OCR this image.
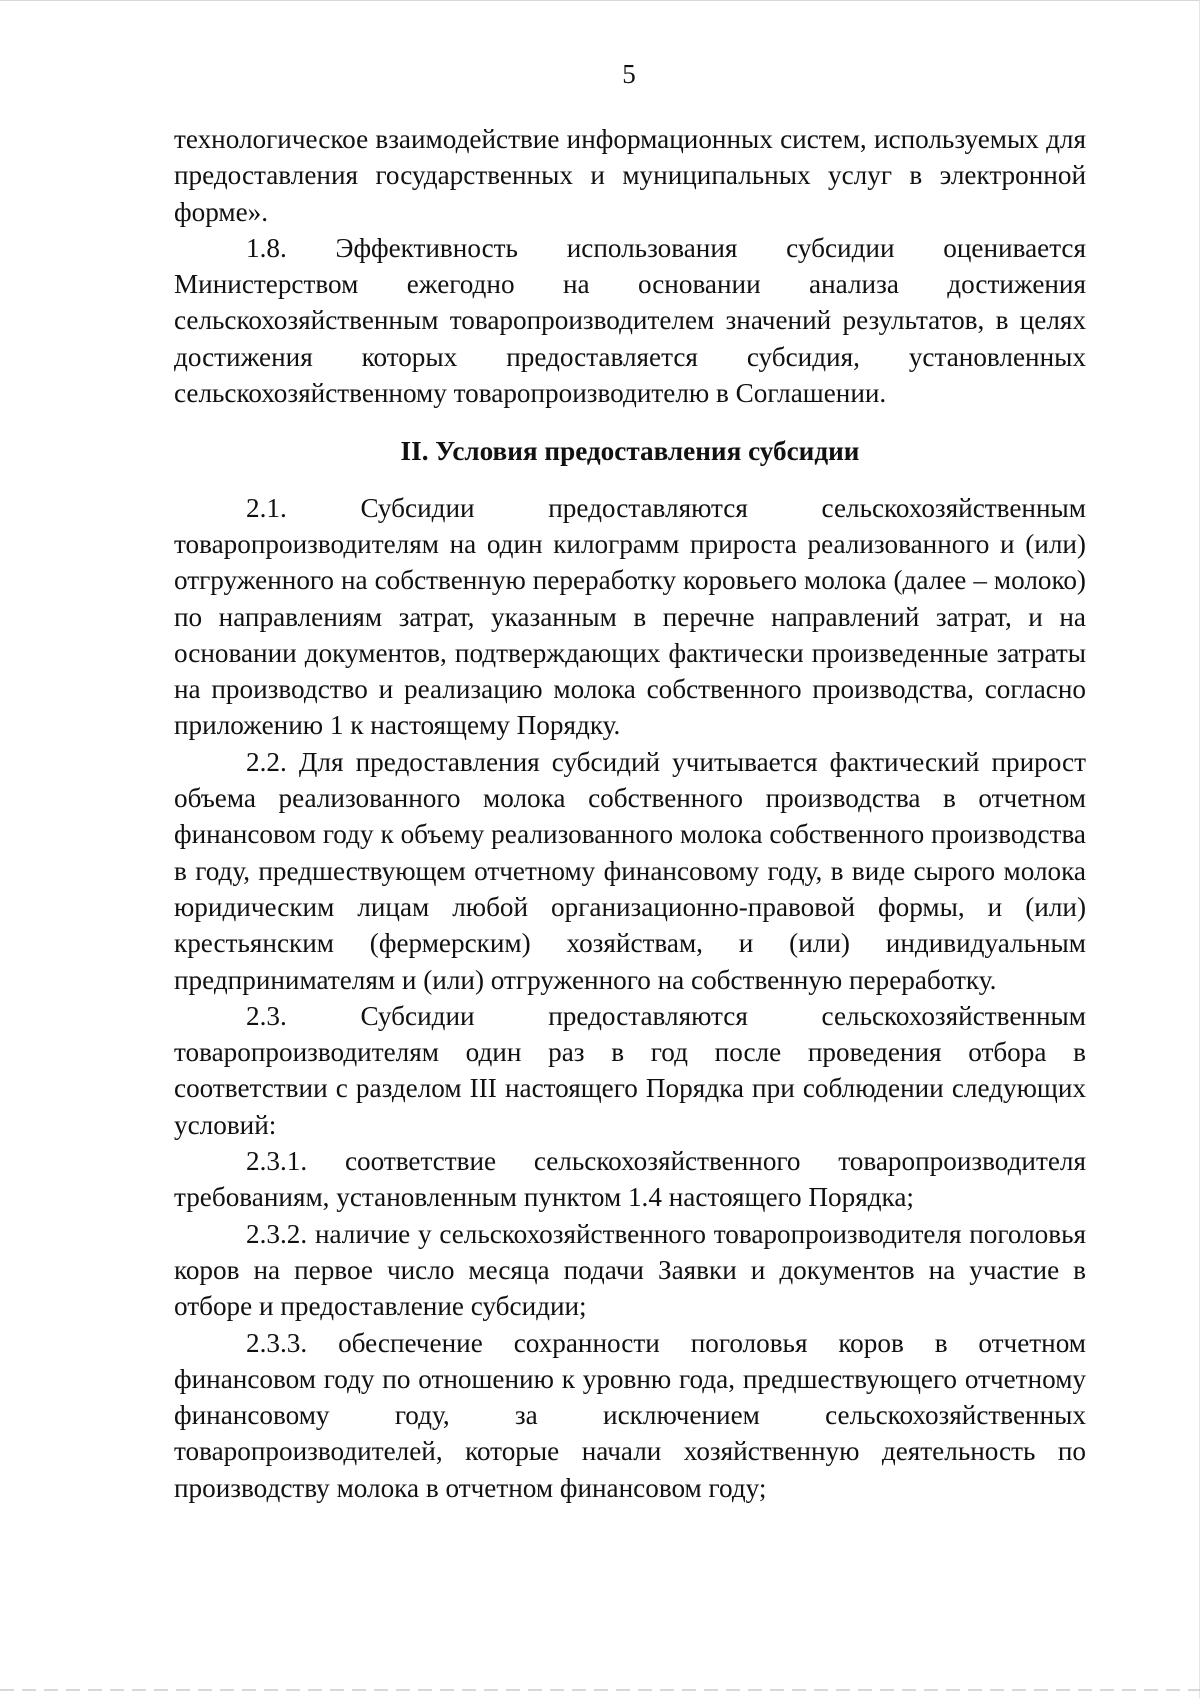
5

технологическое взаимодействие информационных систем, используемых для предоставления государственных и муниципальных услуг в электронной форме».

1.8. Эффективность использования субсидии оценивается Министерством ежегодно на основании анализа достижения сельскохозяйственным товаропроизводителем значений результатов, в целях достижения которых предоставляется субсидия, установленных сельскохозяйственному товаропроизводителю в Соглашении.

II. Условия предоставления субсидии

2.1. Субсидии предоставляются сельскохозяйственным товаропроизводителям на один килограмм прироста реализованного и (или) отгруженного на собственную переработку коровьего молока (далее – молоко) по направлениям затрат, указанным в перечне направлений затрат, и на основании документов, подтверждающих фактически произведенные затраты на производство и реализацию молока собственного производства, согласно приложению 1 к настоящему Порядку.

2.2. Для предоставления субсидий учитывается фактический прирост объема реализованного молока собственного производства в отчетном финансовом году к объему реализованного молока собственного производства в году, предшествующем отчетному финансовому году, в виде сырого молока юридическим лицам любой организационно-правовой формы, и (или) крестьянским (фермерским) хозяйствам, и (или) индивидуальным предпринимателям и (или) отгруженного на собственную переработку.

2.3. Субсидии предоставляются сельскохозяйственным товаропроизводителям один раз в год после проведения отбора в соответствии с разделом III настоящего Порядка при соблюдении следующих условий:

2.3.1. соответствие сельскохозяйственного товаропроизводителя требованиям, установленным пунктом 1.4 настоящего Порядка;

2.3.2. наличие у сельскохозяйственного товаропроизводителя поголовья коров на первое число месяца подачи Заявки и документов на участие в отборе и предоставление субсидии;

2.3.3. обеспечение сохранности поголовья коров в отчетном финансовом году по отношению к уровню года, предшествующего отчетному финансовому году, за исключением сельскохозяйственных товаропроизводителей, которые начали хозяйственную деятельность по производству молока в отчетном финансовом году;
